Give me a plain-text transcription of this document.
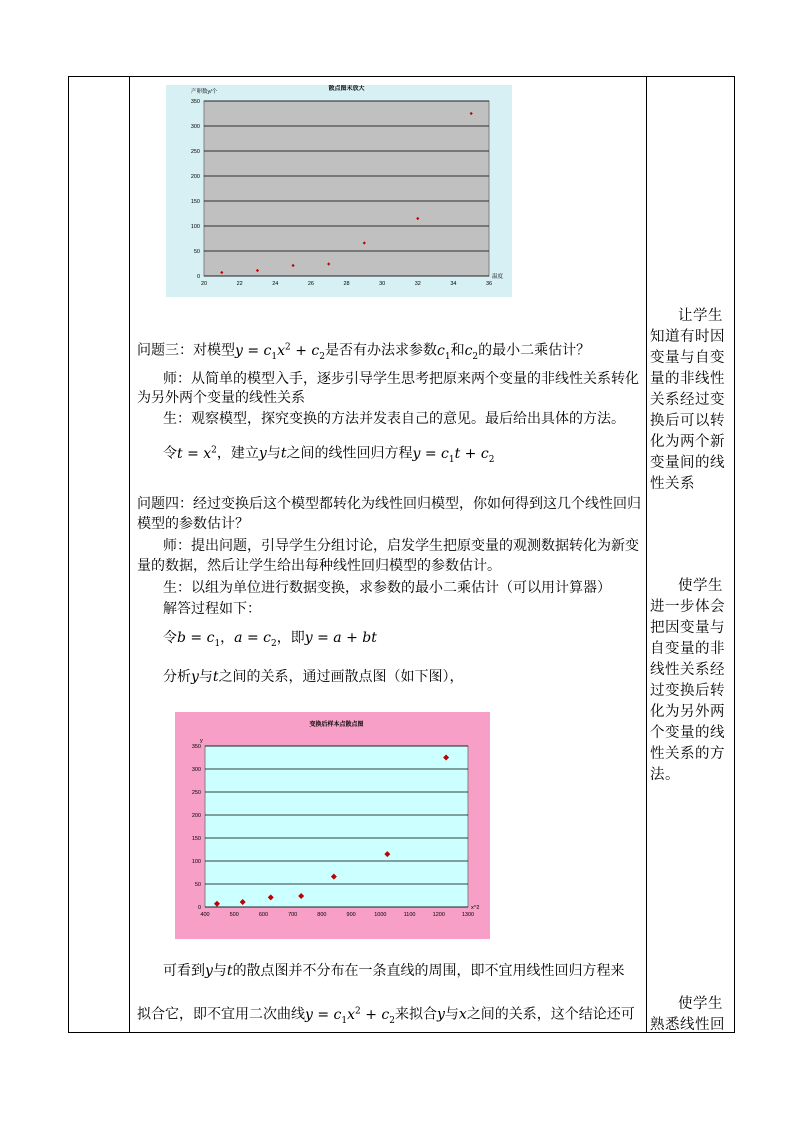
0
50
100
150
200
250
300
350
20	22	24	26	28	30	32	34	36
散点图未放大
产卵数y/个
温度
问题三：对模型$y = c_1x^2 + c_2$是否有办法求参数$c_1$和$c_2$的最小二乘估计？
师：从简单的模型入手，逐步引导学生思考把原来两个变量的非线性关系转化
为另外两个变量的线性关系
生：观察模型，探究变换的方法并发表自己的意见。最后给出具体的方法。
令$t = x^2$，建立y与t之间的线性回归方程$y = c_1t + c_2$
问题四：经过变换后这个模型都转化为线性回归模型，你如何得到这几个线性回归
模型的参数估计？
师：提出问题，引导学生分组讨论，启发学生把原变量的观测数据转化为新变
量的数据，然后让学生给出每种线性回归模型的参数估计。
生：以组为单位进行数据变换，求参数的最小二乘估计（可以用计算器）
解答过程如下：
令$b = c_1$，$a = c_2$，即y = a + bt
分析y与t之间的关系，通过画散点图（如下图），
0
50
100
150
200
250
300
350
400	500	600	700	800	900	1000	1100	1200	1300
变换后样本点散点图
y
x^2
可看到y与t的散点图并不分布在一条直线的周围，即不宜用线性回归方程来
拟合它，即不宜用二次曲线$y = c_1x^2 + c_2$来拟合y与x之间的关系，这个结论还可
让学生知道有时因变量与自变量的非线性关系经过变换后可以转化为两个新变量间的线性关系
使学生进一步体会把因变量与自变量的非线性关系经过变换后转化为另外两个变量的线性关系的方法。
使学生熟悉线性回
